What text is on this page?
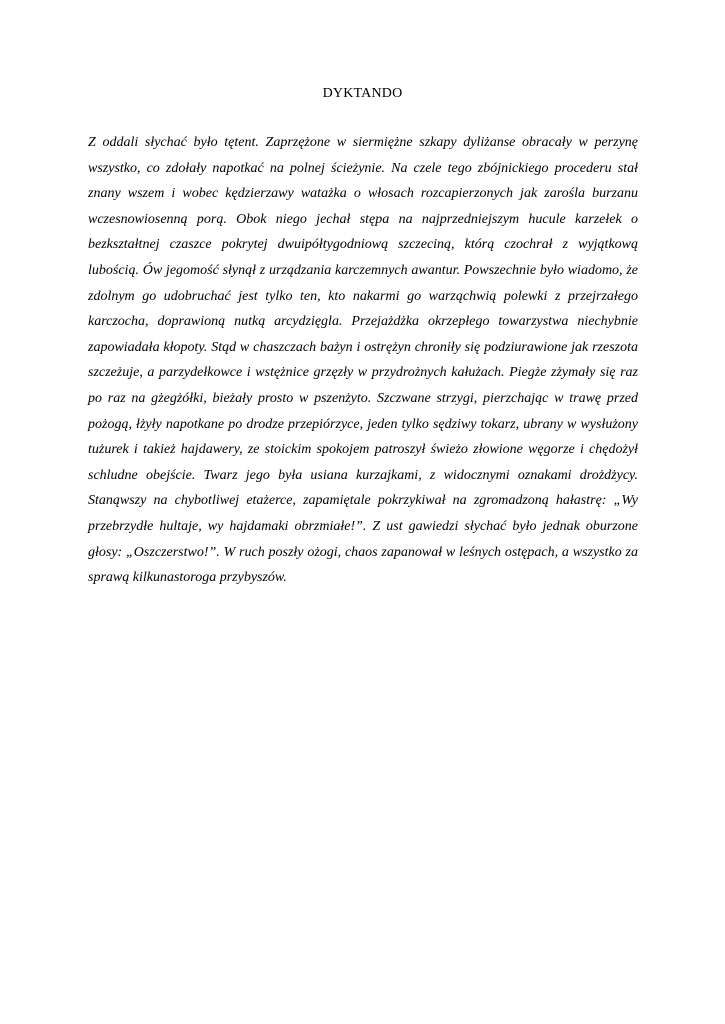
DYKTANDO

Z oddali słychać było tętent. Zaprzężone w siermiężne szkapy dyliżanse obracały w perzynę wszystko, co zdołały napotkać na polnej ścieżynie. Na czele tego zbójnickiego procederu stał znany wszem i wobec kędzierzawy watażka o włosach rozcapierzonych jak zarośla burzanu wczesnowiosenną porą. Obok niego jechał stępa na najprzedniejszym hucule karzełek o bezkształtnej czaszce pokrytej dwuipółtygodniową szczeciną, którą czochrał z wyjątkową lubością. Ów jegomość słynął z urządzania karczemnych awantur. Powszechnie było wiadomo, że zdolnym go udobruchać jest tylko ten, kto nakarmi go warząchwią polewki z przejrzałego karczocha, doprawioną nutką arcydzięgla. Przejażdżka okrzepłego towarzystwa niechybnie zapowiadała kłopoty. Stąd w chaszczach bażyn i ostrężyn chroniły się podziurawione jak rzeszota szczeżuje, a parzydełkowce i wstężnice grzęzły w przydrożnych kałużach. Piegże zżymały się raz po raz na gżegżółki, bieżały prosto w pszenżyto. Szczwane strzygi, pierzchając w trawę przed pożogą, łżyły napotkane po drodze przepiórzyce, jeden tylko sędziwy tokarz, ubrany w wysłużony tużurek i takież hajdawery, ze stoickim spokojem patroszył świeżo złowione węgorze i chędożył schludne obejście. Twarz jego była usiana kurzajkami, z widocznymi oznakami drożdżycy. Stanąwszy na chybotliwej etażerce, zapamiętale pokrzykiwał na zgromadzoną hałastrę: „Wy przebrzydłe hultaje, wy hajdamaki obrzmiałe!”. Z ust gawiedzi słychać było jednak oburzone głosy: „Oszczerstwo!”. W ruch poszły ożogi, chaos zapanował w leśnych ostępach, a wszystko za sprawą kilkunastoroga przybyszów.
